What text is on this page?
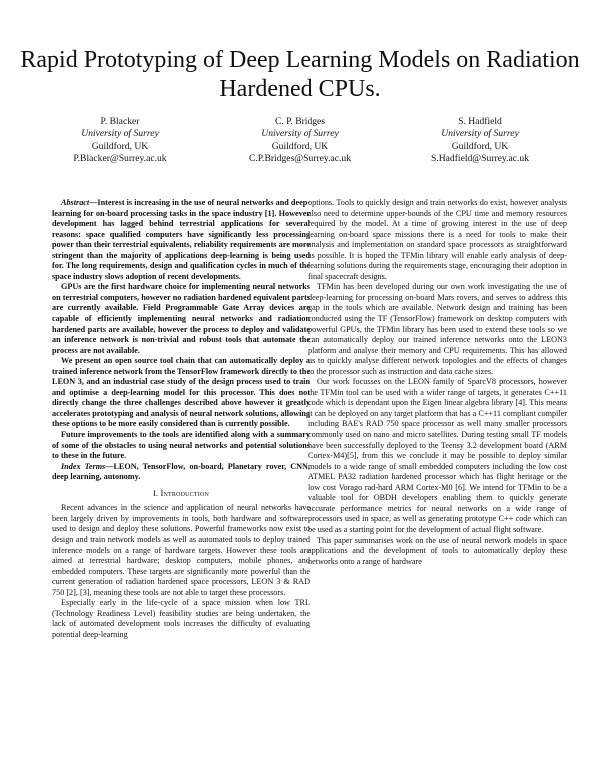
Rapid Prototyping of Deep Learning Models on Radiation Hardened CPUs.
P. Blacker
University of Surrey
Guildford, UK
P.Blacker@Surrey.ac.uk
C. P. Bridges
University of Surrey
Guildford, UK
C.P.Bridges@Surrey.ac.uk
S. Hadfield
University of Surrey
Guildford, UK
S.Hadfield@Surrey.ac.uk

Abstract—Interest is increasing in the use of neural networks and deep-learning for on-board processing tasks in the space industry [1]. However development has lagged behind terrestrial applications for several reasons: space qualified computers have significantly less processing power than their terrestrial equivalents, reliability requirements are more stringent than the majority of applications deep-learning is being used for. The long requirements, design and qualification cycles in much of the space industry slows adoption of recent developments.

GPUs are the first hardware choice for implementing neural networks on terrestrial computers, however no radiation hardened equivalent parts are currently available. Field Programmable Gate Array devices are capable of efficiently implementing neural networks and radiation hardened parts are available, however the process to deploy and validate an inference network is non-trivial and robust tools that automate the process are not available.

We present an open source tool chain that can automatically deploy a trained inference network from the TensorFlow framework directly to the LEON 3, and an industrial case study of the design process used to train and optimise a deep-learning model for this processor. This does not directly change the three challenges described above however it greatly accelerates prototyping and analysis of neural network solutions, allowing these options to be more easily considered than is currently possible.

Future improvements to the tools are identified along with a summary of some of the obstacles to using neural networks and potential solutions to these in the future.

Index Terms—LEON, TensorFlow, on-board, Planetary rover, CNN, deep learning, autonomy.

I. Introduction

Recent advances in the science and application of neural networks have been largely driven by improvements in tools, both hardware and software, used to design and deploy these solutions. Powerful frameworks now exist to design and train network models as well as automated tools to deploy trained inference models on a range of hardware targets. However these tools are aimed at terrestrial hardware; desktop computers, mobile phones, and embedded computers. These targets are significantly more powerful than the current generation of radiation hardened space processors, LEON 3 & RAD 750 [2], [3], meaning these tools are not able to target these processors.

Especially early in the life-cycle of a space mission when low TRL (Technology Readiness Level) feasibility studies are being undertaken, the lack of automated development tools increases the difficulty of evaluating potential deep-learning

options. Tools to quickly design and train networks do exist, however analysts also need to determine upper-bounds of the CPU time and memory resources required by the model. At a time of growing interest in the use of deep learning on-board space missions there is a need for tools to make their analysis and implementation on standard space processors as straightforward as possible. It is hoped the TFMin library will enable early analysis of deep-learning solutions during the requirements stage, encouraging their adoption in final spacecraft designs.

TFMin has been developed during our own work investigating the use of deep-learning for processing on-board Mars rovers, and serves to address this gap in the tools which are available. Network design and training has been conducted using the TF (TensorFlow) framework on desktop computers with powerful GPUs, the TFMin library has been used to extend these tools so we can automatically deploy our trained inference networks onto the LEON3 platform and analyse their memory and CPU requirements. This has allowed us to quickly analyse different network topologies and the effects of changes to the processor such as instruction and data cache sizes.

Our work focusses on the LEON family of SparcV8 processors, however the TFMin tool can be used with a wider range of targets, it generates C++11 code which is dependant upon the Eigen linear algebra library [4]. This means it can be deployed on any target platform that has a C++11 compliant compiler including BAE's RAD 750 space processor as well many smaller processors commonly used on nano and micro satellites. During testing small TF models have been successfully deployed to the Teensy 3.2 development board (ARM Cortex-M4)[5], from this we conclude it may be possible to deploy similar models to a wide range of small embedded computers including the low cost ATMEL PA32 radiation hardened processor which has flight heritage or the low cost Vorago rad-hard ARM Cortex-M0 [6]. We intend for TFMin to be a valuable tool for OBDH developers enabling them to quickly generate accurate performance metrics for neural networks on a wide range of processors used in space, as well as generating prototype C++ code which can be used as a starting point for the development of actual flight software.

This paper summarises work on the use of neural network models in space applications and the development of tools to automatically deploy these networks onto a range of hardware
